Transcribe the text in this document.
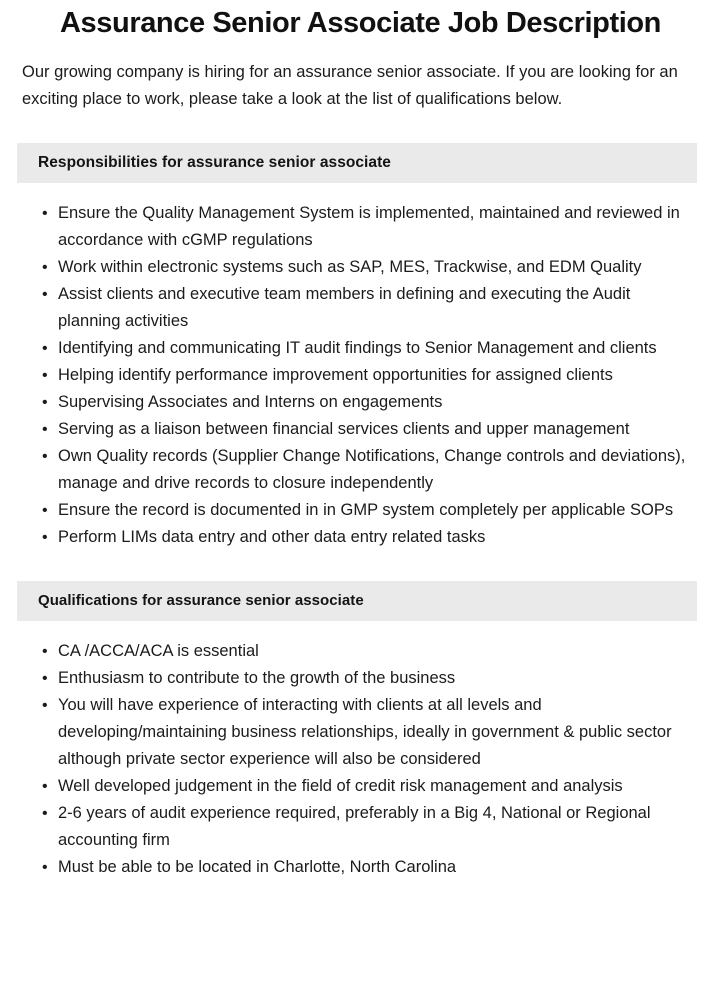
Assurance Senior Associate Job Description

Our growing company is hiring for an assurance senior associate. If you are looking for an exciting place to work, please take a look at the list of qualifications below.

Responsibilities for assurance senior associate
• Ensure the Quality Management System is implemented, maintained and reviewed in accordance with cGMP regulations
• Work within electronic systems such as SAP, MES, Trackwise, and EDM Quality
• Assist clients and executive team members in defining and executing the Audit planning activities
• Identifying and communicating IT audit findings to Senior Management and clients
• Helping identify performance improvement opportunities for assigned clients
• Supervising Associates and Interns on engagements
• Serving as a liaison between financial services clients and upper management
• Own Quality records (Supplier Change Notifications, Change controls and deviations), manage and drive records to closure independently
• Ensure the record is documented in in GMP system completely per applicable SOPs
• Perform LIMs data entry and other data entry related tasks
Qualifications for assurance senior associate
• CA /ACCA/ACA is essential
• Enthusiasm to contribute to the growth of the business
• You will have experience of interacting with clients at all levels and developing/maintaining business relationships, ideally in government & public sector although private sector experience will also be considered
• Well developed judgement in the field of credit risk management and analysis
• 2-6 years of audit experience required, preferably in a Big 4, National or Regional accounting firm
• Must be able to be located in Charlotte, North Carolina
